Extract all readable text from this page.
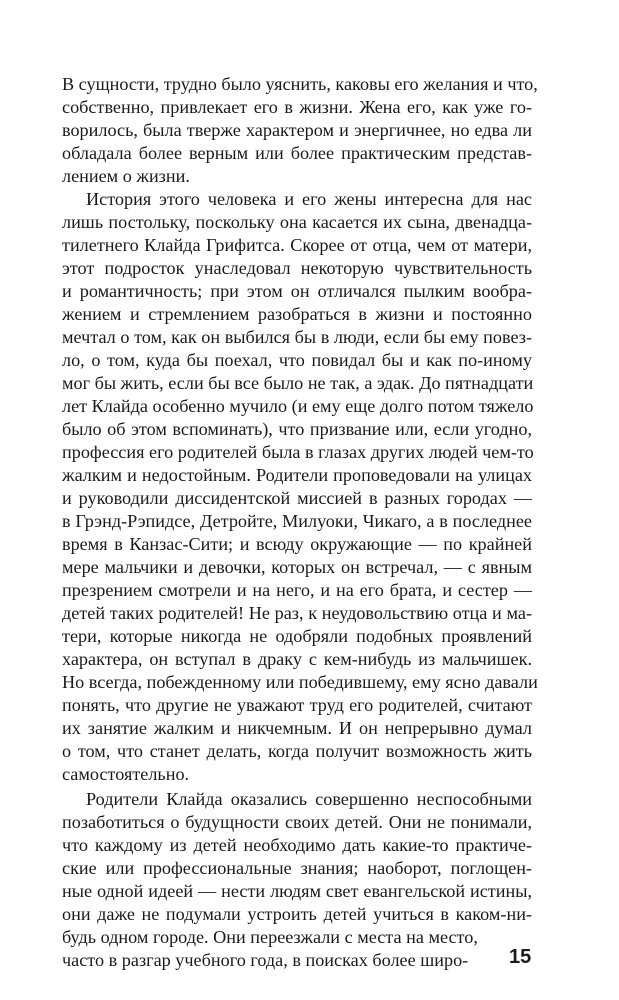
В сущности, трудно было уяснить, каковы его желания и что,
собственно, привлекает его в жизни. Жена его, как уже го-
ворилось, была тверже характером и энергичнее, но едва ли
обладала более верным или более практическим представ-
лением о жизни.
История этого человека и его жены интересна для нас
лишь постольку, поскольку она касается их сына, двенадца-
тилетнего Клайда Грифитса. Скорее от отца, чем от матери,
этот подросток унаследовал некоторую чувствительность
и романтичность; при этом он отличался пылким вообра-
жением и стремлением разобраться в жизни и постоянно
мечтал о том, как он выбился бы в люди, если бы ему повез-
ло, о том, куда бы поехал, что повидал бы и как по-иному
мог бы жить, если бы все было не так, а эдак. До пятнадцати
лет Клайда особенно мучило (и ему еще долго потом тяжело
было об этом вспоминать), что призвание или, если угодно,
профессия его родителей была в глазах других людей чем-то
жалким и недостойным. Родители проповедовали на улицах
и руководили диссидентской миссией в разных городах —
в Грэнд-Рэпидсе, Детройте, Милуоки, Чикаго, а в последнее
время в Канзас-Сити; и всюду окружающие — по крайней
мере мальчики и девочки, которых он встречал, — с явным
презрением смотрели и на него, и на его брата, и сестер —
детей таких родителей! Не раз, к неудовольствию отца и ма-
тери, которые никогда не одобряли подобных проявлений
характера, он вступал в драку с кем-нибудь из мальчишек.
Но всегда, побежденному или победившему, ему ясно давали
понять, что другие не уважают труд его родителей, считают
их занятие жалким и никчемным. И он непрерывно думал
о том, что станет делать, когда получит возможность жить
самостоятельно.
Родители Клайда оказались совершенно неспособными
позаботиться о будущности своих детей. Они не понимали,
что каждому из детей необходимо дать какие-то практиче-
ские или профессиональные знания; наоборот, поглощен-
ные одной идеей — нести людям свет евангельской истины,
они даже не подумали устроить детей учиться в каком-ни-
будь одном городе. Они переезжали с места на место,
часто в разгар учебного года, в поисках более широ- 15
